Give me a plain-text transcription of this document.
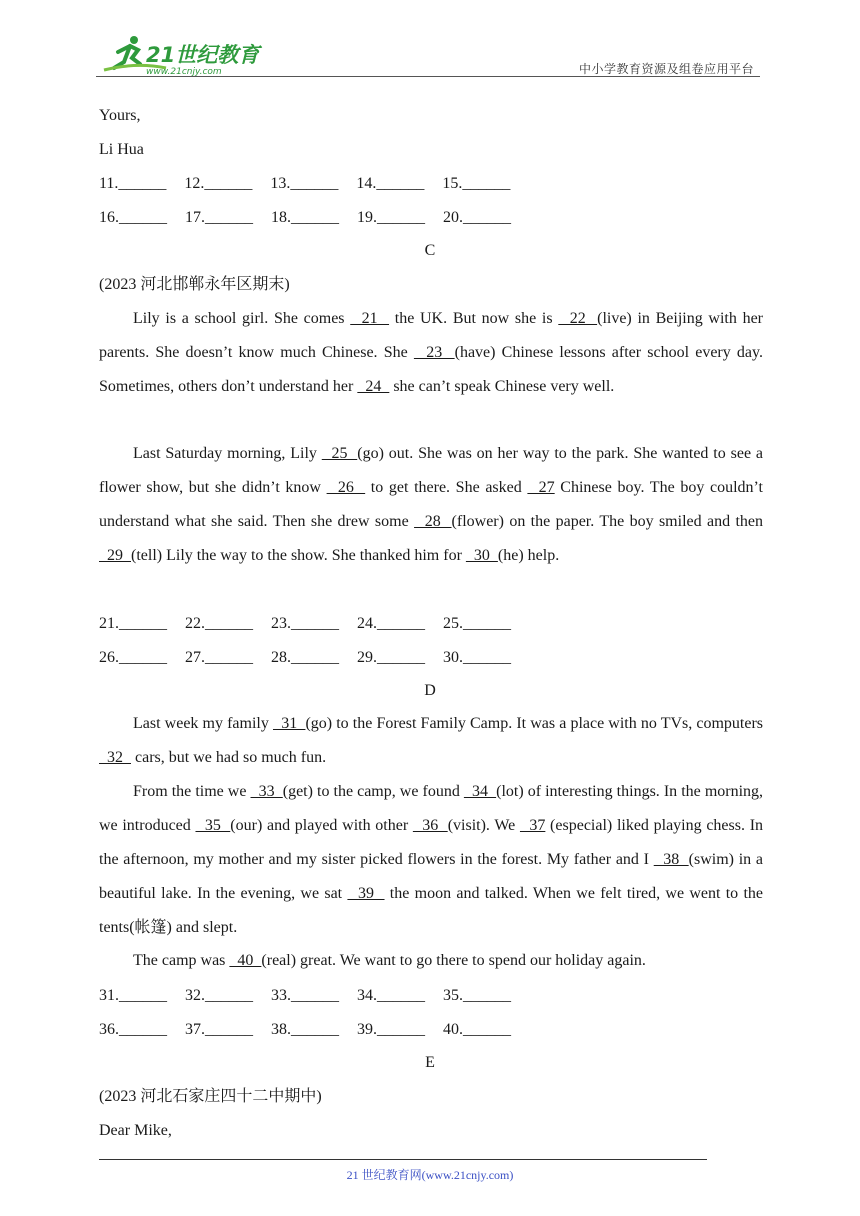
21世纪教育
www.21cnjy.com	中小学教育资源及组卷应用平台
Yours,
Li Hua
11.______ 12.______ 13.______ 14.______ 15.______
16.______ 17.______ 18.______ 19.______ 20.______
C
(2023 河北邯郸永年区期末)
Lily is a school girl. She comes   21   the UK. But now she is   22  (live) in Beijing with her parents. She doesn’t know much Chinese. She   23  (have) Chinese lessons after school every day. Sometimes, others don’t understand her   24   she can’t speak Chinese very well.
Last Saturday morning, Lily   25  (go) out. She was on her way to the park. She wanted to see a flower show, but she didn’t know   26   to get there. She asked   27 Chinese boy. The boy couldn’t understand what she said. Then she drew some   28  (flower) on the paper. The boy smiled and then   29  (tell) Lily the way to the show. She thanked him for   30  (he) help.
21.______ 22.______ 23.______ 24.______ 25.______
26.______ 27.______ 28.______ 29.______ 30.______
D
Last week my family   31  (go) to the Forest Family Camp. It was a place with no TVs, computers   32   cars, but we had so much fun.
From the time we   33  (get) to the camp, we found   34  (lot) of interesting things. In the morning, we introduced   35  (our) and played with other   36  (visit). We   37 (especial) liked playing chess. In the afternoon, my mother and my sister picked flowers in the forest. My father and I   38  (swim) in a beautiful lake. In the evening, we sat   39   the moon and talked. When we felt tired, we went to the tents(帐篷) and slept.
The camp was   40  (real) great. We want to go there to spend our holiday again.
31.______ 32.______ 33.______ 34.______ 35.______
36.______ 37.______ 38.______ 39.______ 40.______
E
(2023 河北石家庄四十二中期中)
Dear Mike,
21 世纪教育网(www.21cnjy.com)
